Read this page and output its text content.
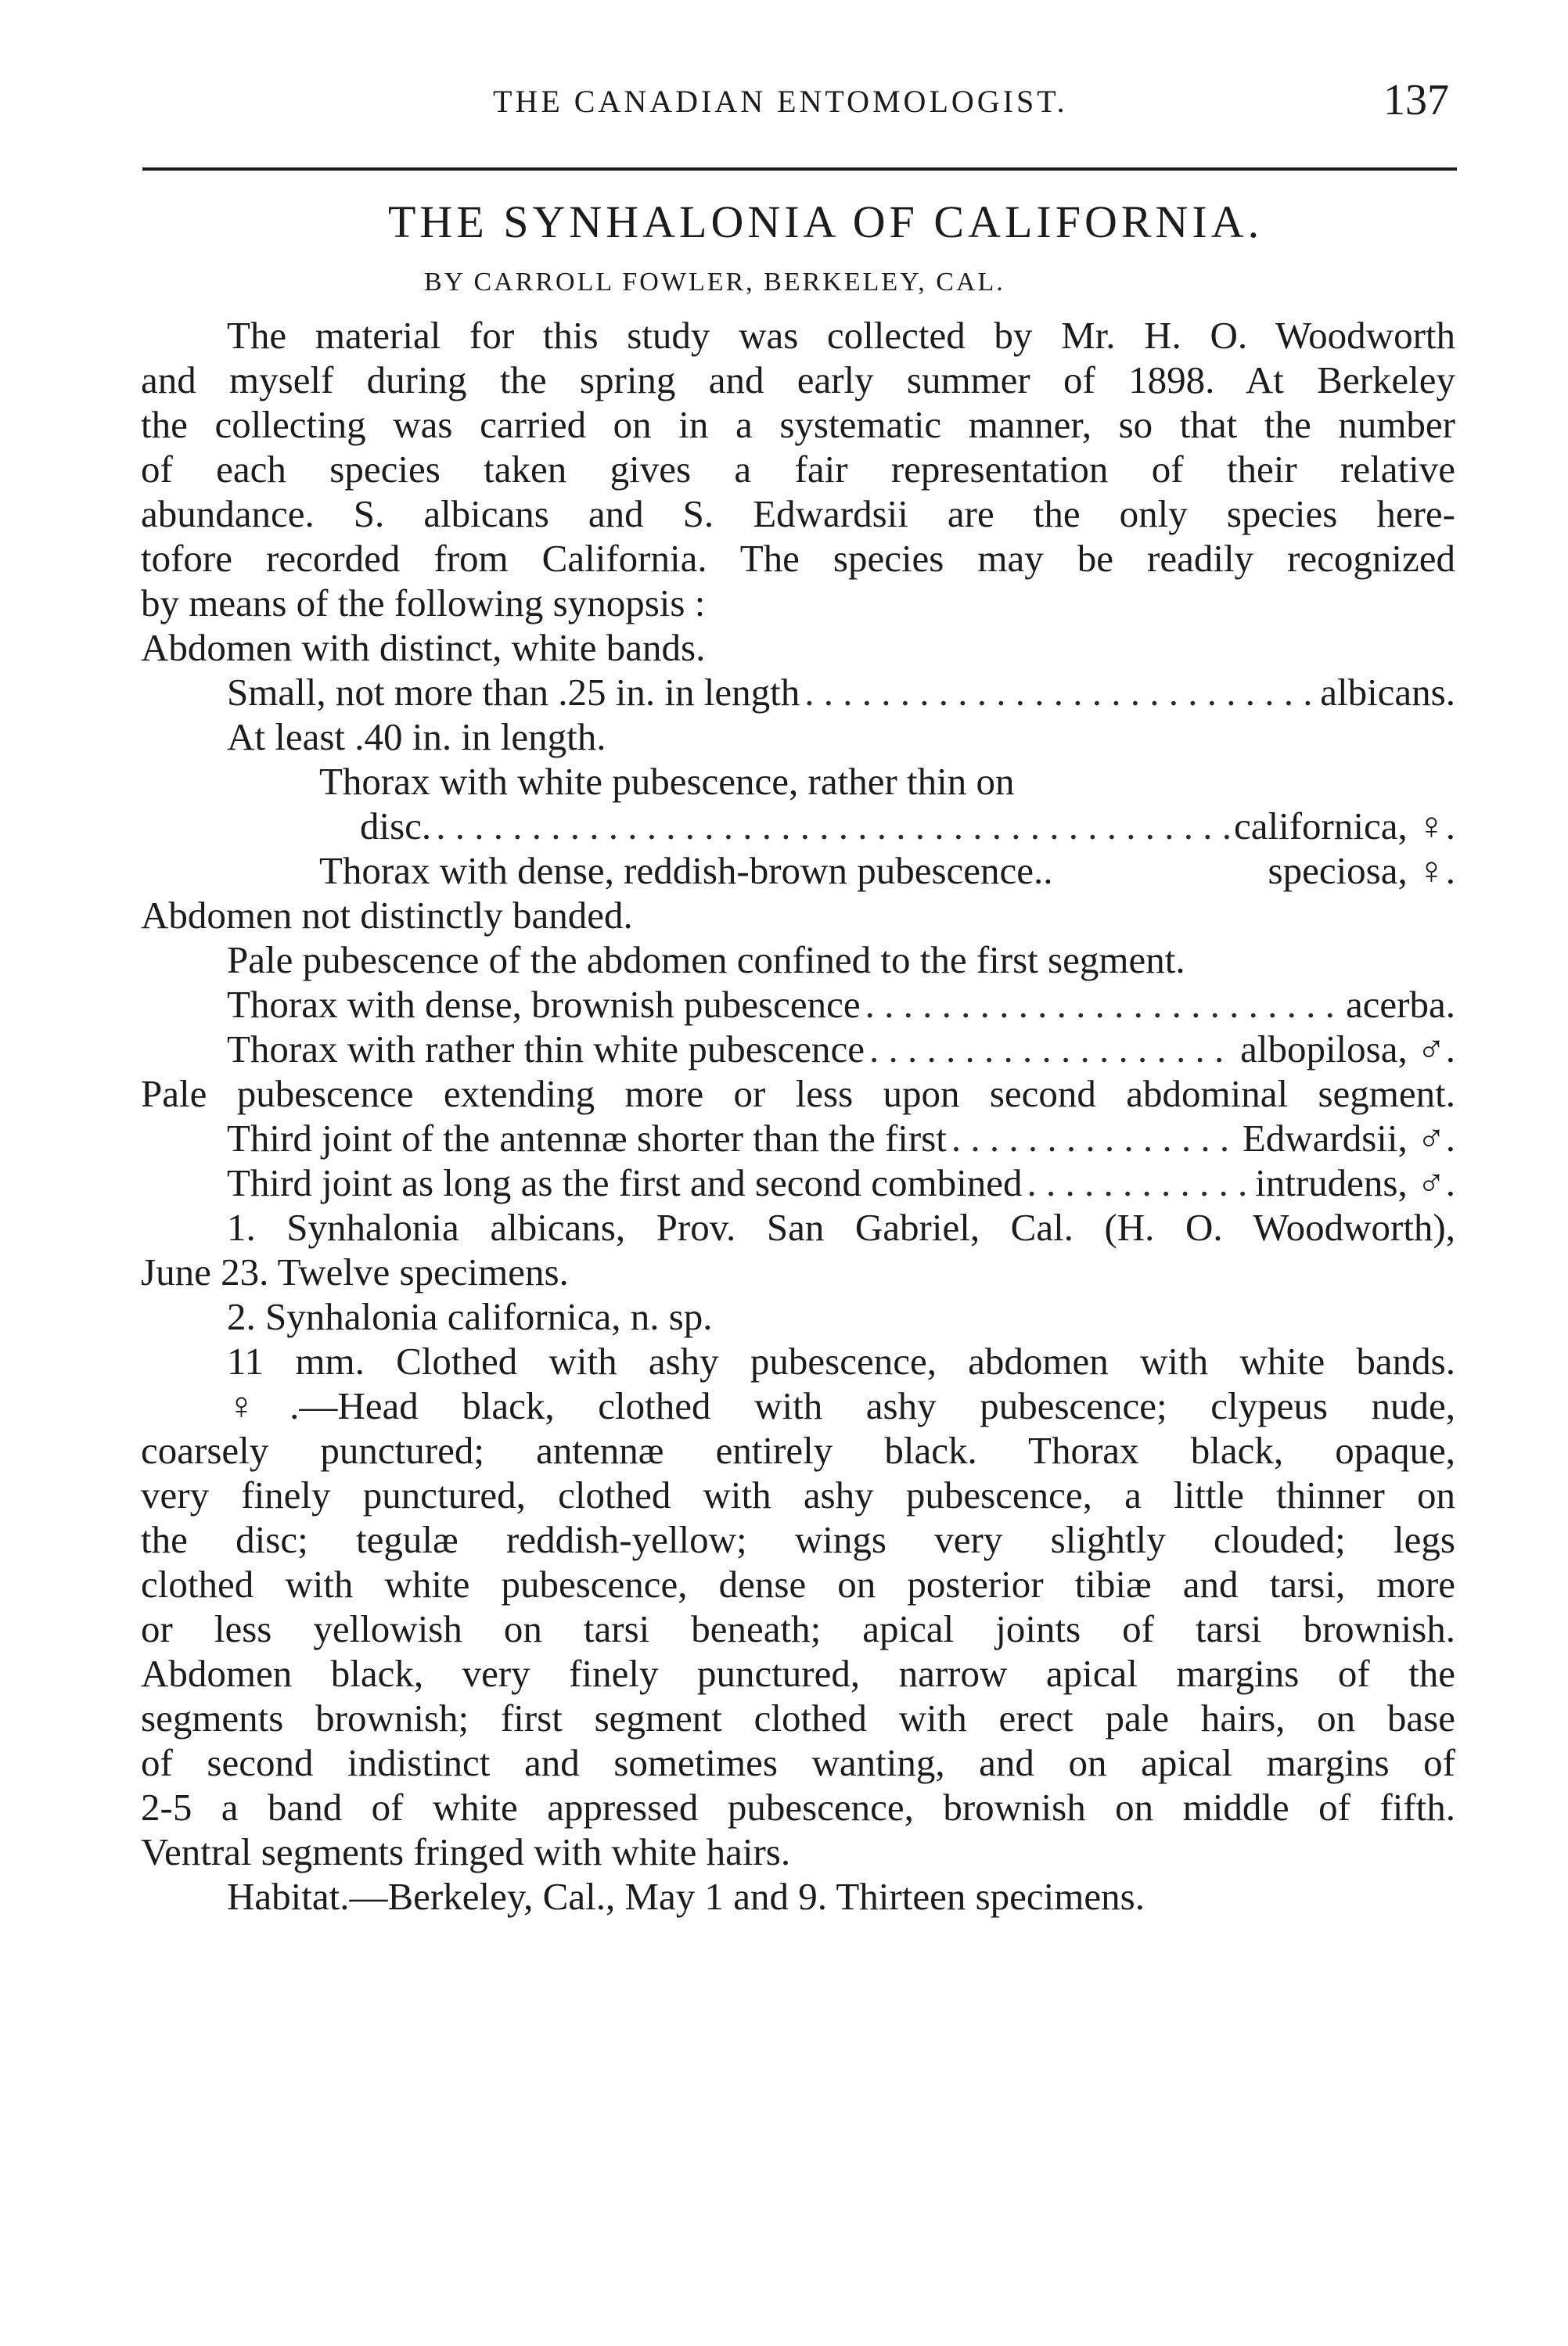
THE CANADIAN ENTOMOLOGIST.	137
THE SYNHALONIA OF CALIFORNIA.
BY CARROLL FOWLER, BERKELEY, CAL.
The material for this study was collected by Mr. H. O. Woodworth
and myself during the spring and early summer of 1898. At Berkeley
the collecting was carried on in a systematic manner, so that the number
of each species taken gives a fair representation of their relative
abundance. S. albicans and S. Edwardsii are the only species here-
tofore recorded from California. The species may be readily recognized
by means of the following synopsis :
Abdomen with distinct, white bands.
Small, not more than .25 in. in length . . .	albicans.
At least .40 in. in length.
Thorax with white pubescence, rather thin on
disc. . . .	californica, ♀.
Thorax with dense, reddish-brown pubescence..	speciosa, ♀.
Abdomen not distinctly banded.
Pale pubescence of the abdomen confined to the first segment.
Thorax with dense, brownish pubescence . . .	acerba.
Thorax with rather thin white pubescence . . .	albopilosa, ♂.
Pale pubescence extending more or less upon second abdominal segment.
Third joint of the antennæ shorter than the first . . .	Edwardsii, ♂.
Third joint as long as the first and second combined . . .	intrudens, ♂.
1. Synhalonia albicans, Prov. San Gabriel, Cal. (H. O. Woodworth),
June 23. Twelve specimens.
2. Synhalonia californica, n. sp.
11 mm. Clothed with ashy pubescence, abdomen with white bands.
♀.—Head black, clothed with ashy pubescence; clypeus nude,
coarsely punctured; antennæ entirely black. Thorax black, opaque,
very finely punctured, clothed with ashy pubescence, a little thinner on
the disc; tegulæ reddish-yellow; wings very slightly clouded; legs
clothed with white pubescence, dense on posterior tibiæ and tarsi, more
or less yellowish on tarsi beneath; apical joints of tarsi brownish.
Abdomen black, very finely punctured, narrow apical margins of the
segments brownish; first segment clothed with erect pale hairs, on base
of second indistinct and sometimes wanting, and on apical margins of
2-5 a band of white appressed pubescence, brownish on middle of fifth.
Ventral segments fringed with white hairs.
Habitat.—Berkeley, Cal., May 1 and 9. Thirteen specimens.
